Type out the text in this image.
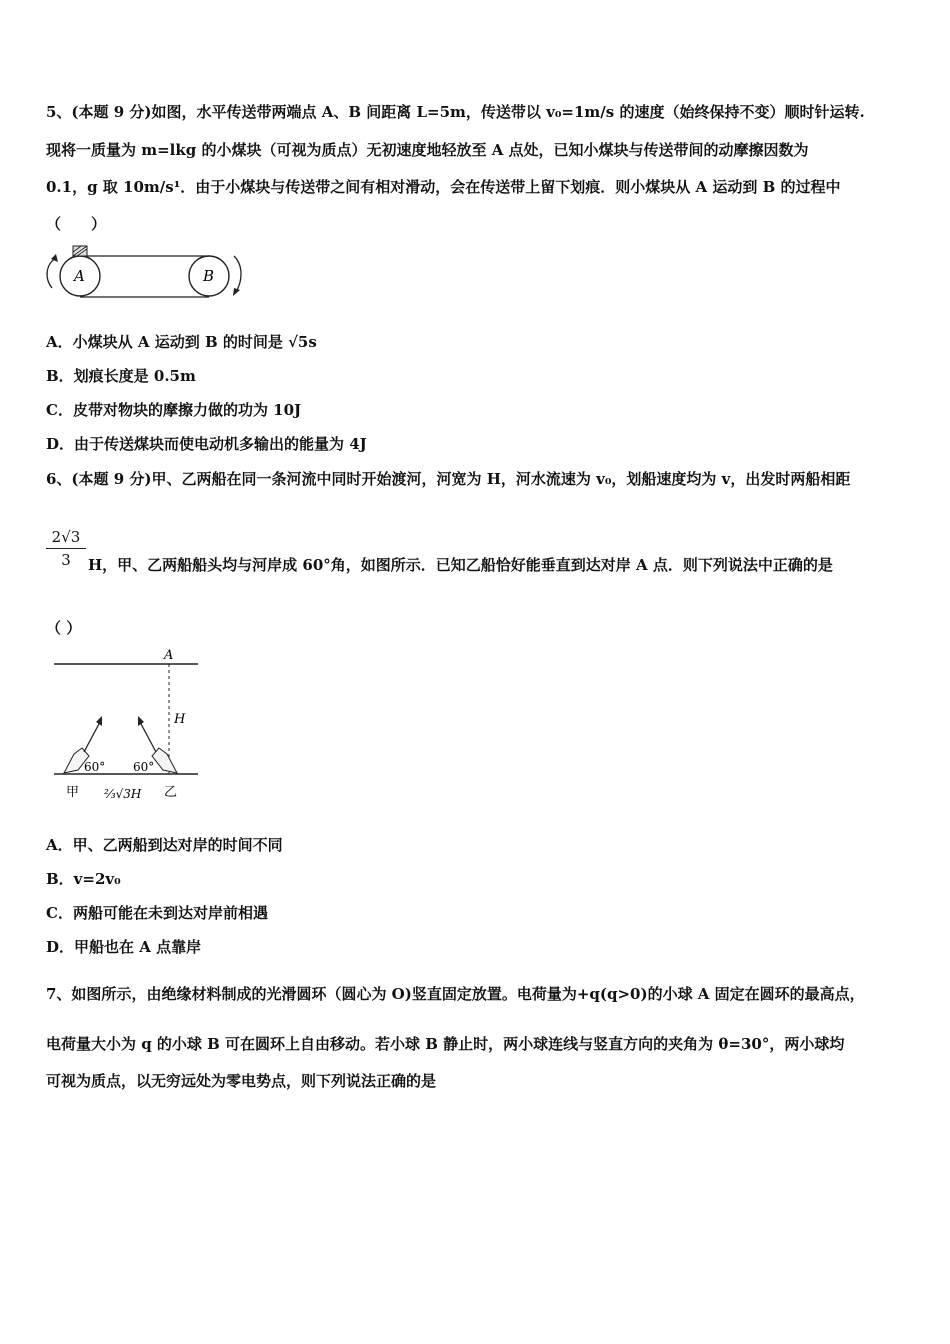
5、(本题 9 分)如图，水平传送带两端点 A、B 间距离 L=5m，传送带以 v₀=1m/s 的速度（始终保持不变）顺时针运转.
现将一质量为 m=lkg 的小煤块（可视为质点）无初速度地轻放至 A 点处，已知小煤块与传送带间的动摩擦因数为
0.1，g 取 10m/s¹．由于小煤块与传送带之间有相对滑动，会在传送带上留下划痕．则小煤块从 A 运动到 B 的过程中
（　　）
A	B
A．小煤块从 A 运动到 B 的时间是 √5s
B．划痕长度是 0.5m
C．皮带对物块的摩擦力做的功为 10J
D．由于传送煤块而使电动机多输出的能量为 4J
6、(本题 9 分)甲、乙两船在同一条河流中同时开始渡河，河宽为 H，河水流速为 v₀，划船速度均为 v，出发时两船相距
$\frac{2√3}{3}$ H，甲、乙两船船头均与河岸成 60°角，如图所示．已知乙船恰好能垂直到达对岸 A 点．则下列说法中正确的是
（ ）
A
H
60° 60°
甲 ⅔√3H 乙
A．甲、乙两船到达对岸的时间不同
B．v=2v₀
C．两船可能在未到达对岸前相遇
D．甲船也在 A 点靠岸
7、如图所示，由绝缘材料制成的光滑圆环（圆心为 O)竖直固定放置。电荷量为+q(q>0)的小球 A 固定在圆环的最高点，
电荷量大小为 q 的小球 B 可在圆环上自由移动。若小球 B 静止时，两小球连线与竖直方向的夹角为 θ=30°，两小球均
可视为质点，以无穷远处为零电势点，则下列说法正确的是
